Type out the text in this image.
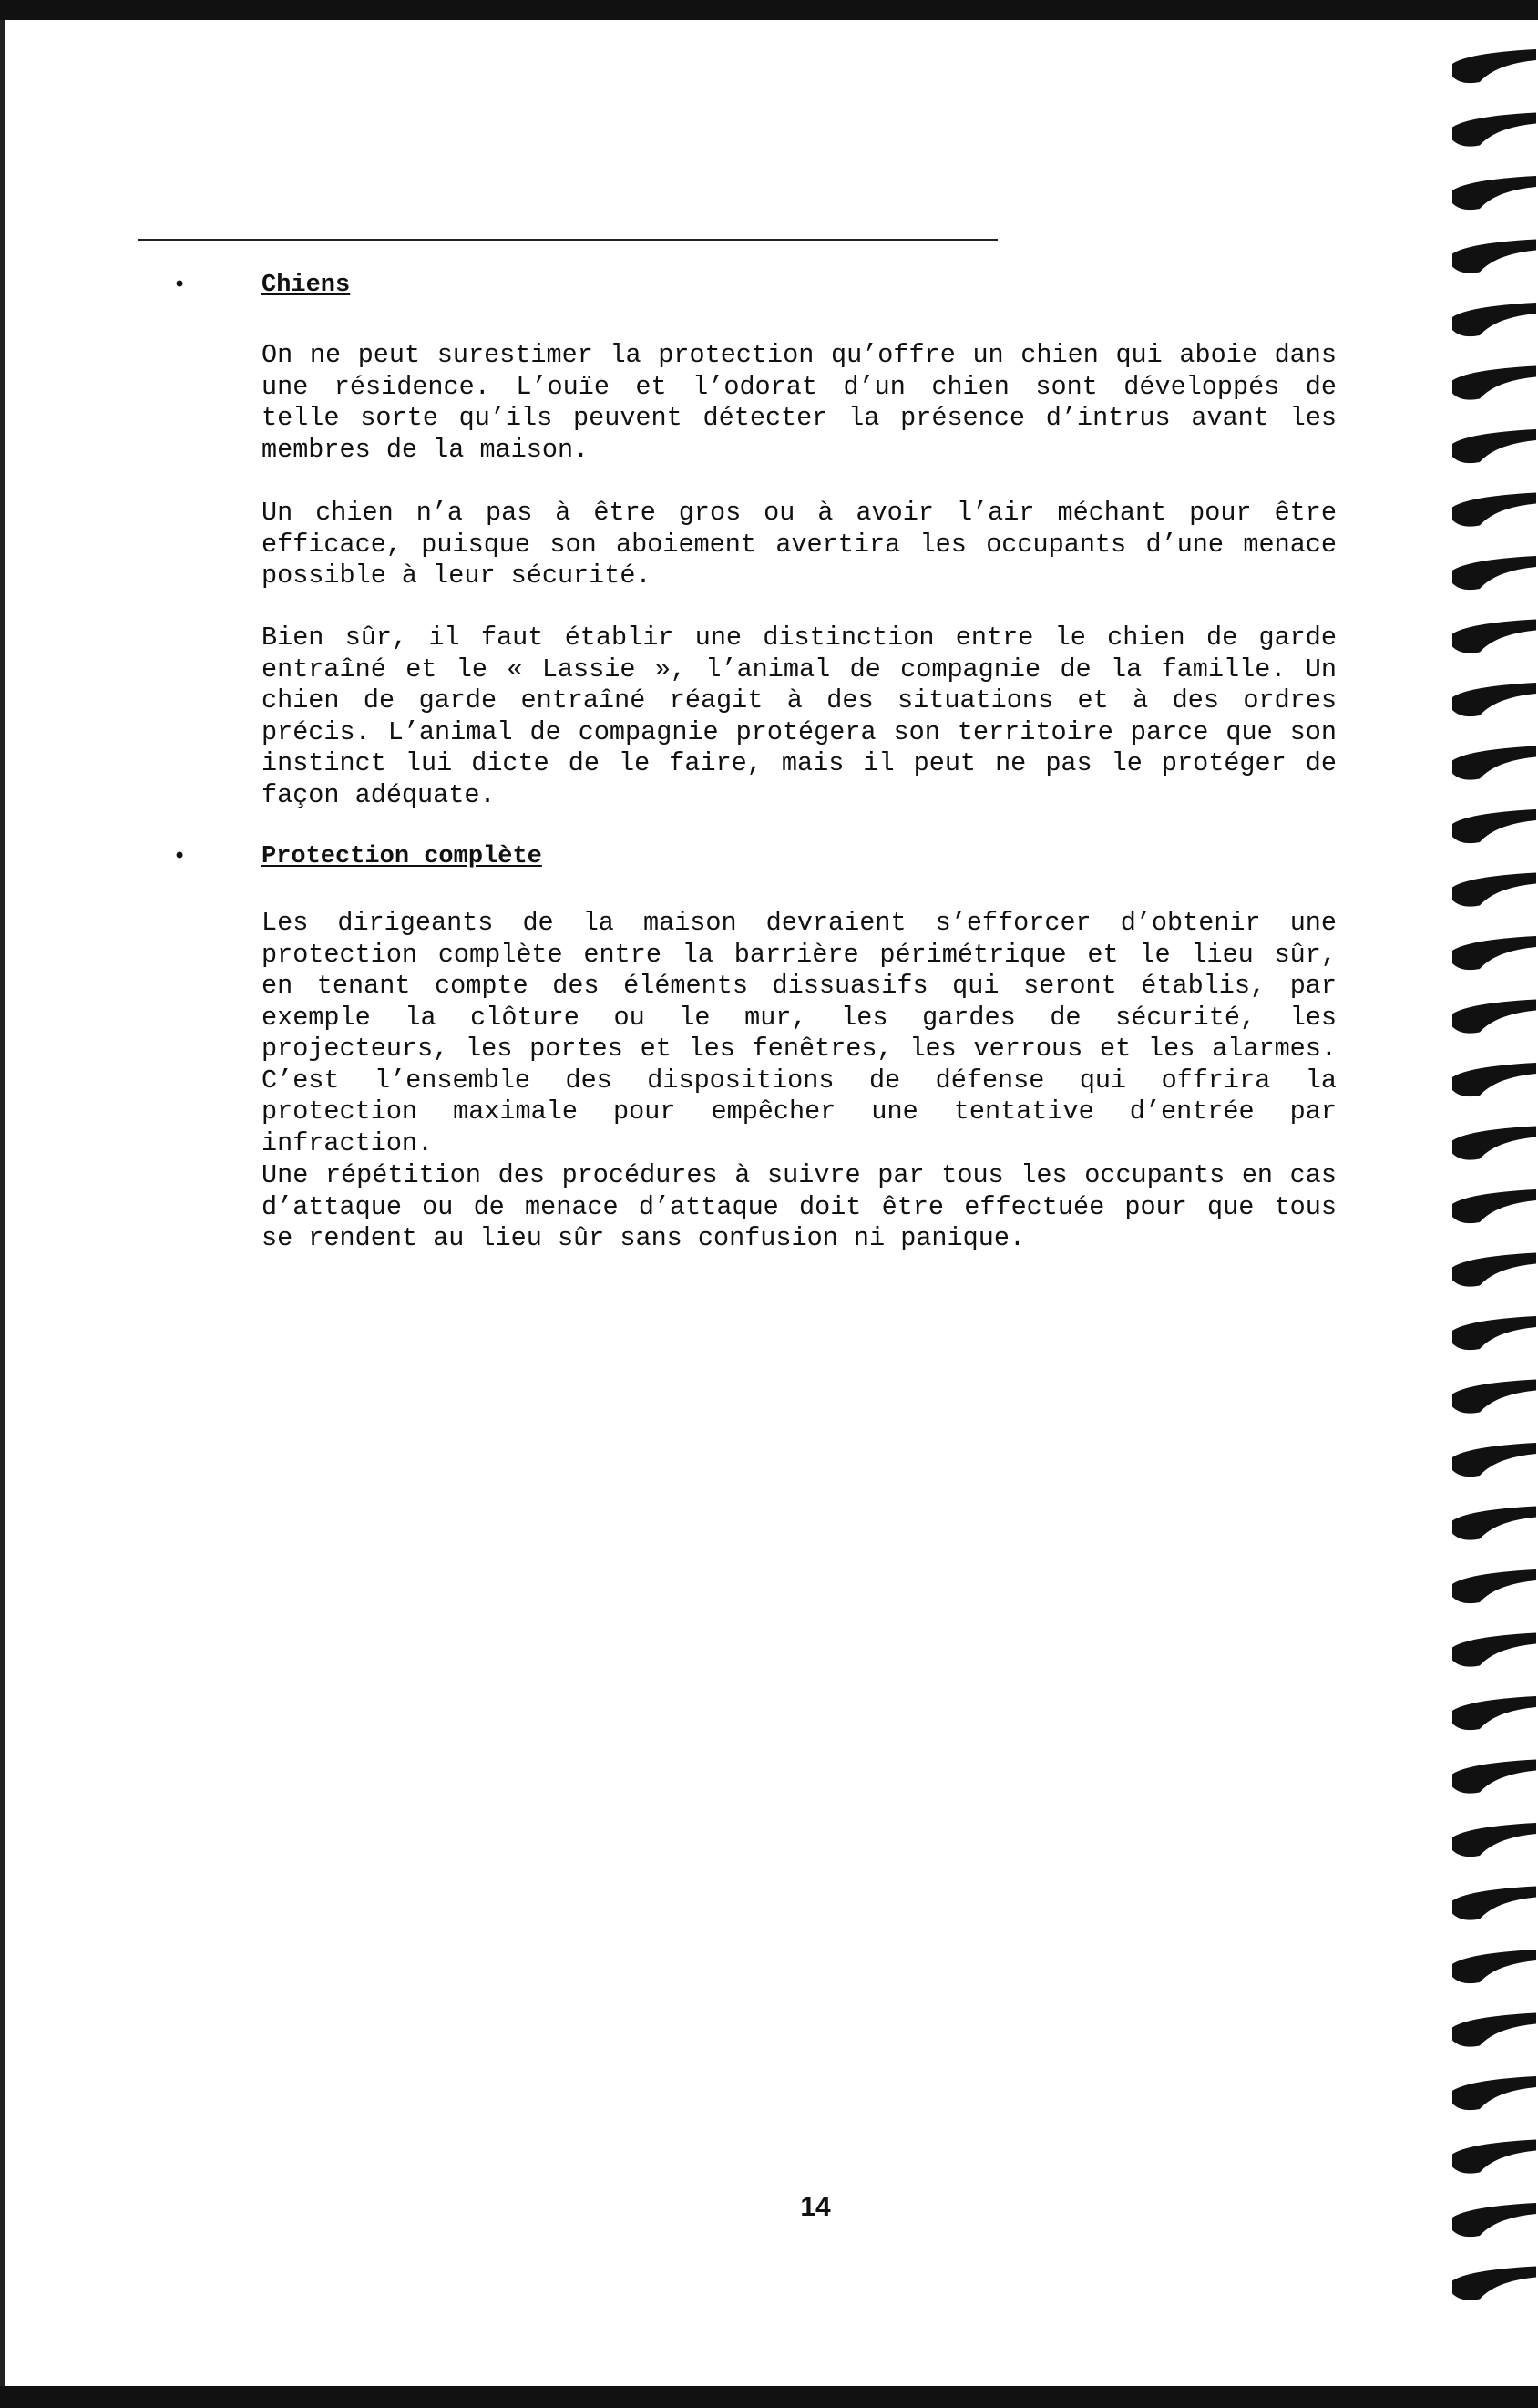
•	Chiens

On ne peut surestimer la protection qu’offre un chien qui aboie dans une résidence. L’ouïe et l’odorat d’un chien sont développés de telle sorte qu’ils peuvent détecter la présence d’intrus avant les membres de la maison.

Un chien n’a pas à être gros ou à avoir l’air méchant pour être efficace, puisque son aboiement avertira les occupants d’une menace possible à leur sécurité.

Bien sûr, il faut établir une distinction entre le chien de garde entraîné et le « Lassie », l’animal de compagnie de la famille. Un chien de garde entraîné réagit à des situations et à des ordres précis. L’animal de compagnie protégera son territoire parce que son instinct lui dicte de le faire, mais il peut ne pas le protéger de façon adéquate.

•	Protection complète

Les dirigeants de la maison devraient s’efforcer d’obtenir une protection complète entre la barrière périmétrique et le lieu sûr, en tenant compte des éléments dissuasifs qui seront établis, par exemple la clôture ou le mur, les gardes de sécurité, les projecteurs, les portes et les fenêtres, les verrous et les alarmes. C’est l’ensemble des dispositions de défense qui offrira la protection maximale pour empêcher une tentative d’entrée par infraction.

Une répétition des procédures à suivre par tous les occupants en cas d’attaque ou de menace d’attaque doit être effectuée pour que tous se rendent au lieu sûr sans confusion ni panique.

14
